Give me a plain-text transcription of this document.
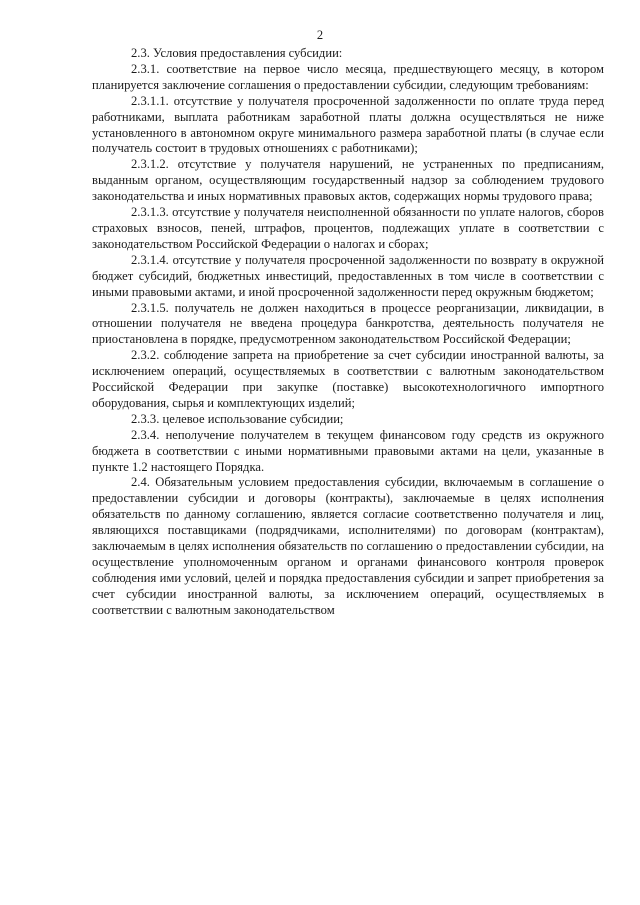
2

2.3. Условия предоставления субсидии:

2.3.1. соответствие на первое число месяца, предшествующего месяцу, в котором планируется заключение соглашения о предоставлении субсидии, следующим требованиям:

2.3.1.1. отсутствие у получателя просроченной задолженности по оплате труда перед работниками, выплата работникам заработной платы должна осуществляться не ниже установленного в автономном округе минимального размера заработной платы (в случае если получатель состоит в трудовых отношениях с работниками);

2.3.1.2. отсутствие у получателя нарушений, не устраненных по предписаниям, выданным органом, осуществляющим государственный надзор за соблюдением трудового законодательства и иных нормативных правовых актов, содержащих нормы трудового права;

2.3.1.3. отсутствие у получателя неисполненной обязанности по уплате налогов, сборов страховых взносов, пеней, штрафов, процентов, подлежащих уплате в соответствии с законодательством Российской Федерации о налогах и сборах;

2.3.1.4. отсутствие у получателя просроченной задолженности по возврату в окружной бюджет субсидий, бюджетных инвестиций, предоставленных в том числе в соответствии с иными правовыми актами, и иной просроченной задолженности перед окружным бюджетом;

2.3.1.5. получатель не должен находиться в процессе реорганизации, ликвидации, в отношении получателя не введена процедура банкротства, деятельность получателя не приостановлена в порядке, предусмотренном законодательством Российской Федерации;

2.3.2. соблюдение запрета на приобретение за счет субсидии иностранной валюты, за исключением операций, осуществляемых в соответствии с валютным законодательством Российской Федерации при закупке (поставке) высокотехнологичного импортного оборудования, сырья и комплектующих изделий;

2.3.3. целевое использование субсидии;

2.3.4. неполучение получателем в текущем финансовом году средств из окружного бюджета в соответствии с иными нормативными правовыми актами на цели, указанные в пункте 1.2 настоящего Порядка.

2.4. Обязательным условием предоставления субсидии, включаемым в соглашение о предоставлении субсидии и договоры (контракты), заключаемые в целях исполнения обязательств по данному соглашению, является согласие соответственно получателя и лиц, являющихся поставщиками (подрядчиками, исполнителями) по договорам (контрактам), заключаемым в целях исполнения обязательств по соглашению о предоставлении субсидии, на осуществление уполномоченным органом и органами финансового контроля проверок соблюдения ими условий, целей и порядка предоставления субсидии и запрет приобретения за счет субсидии иностранной валюты, за исключением операций, осуществляемых в соответствии с валютным законодательством
